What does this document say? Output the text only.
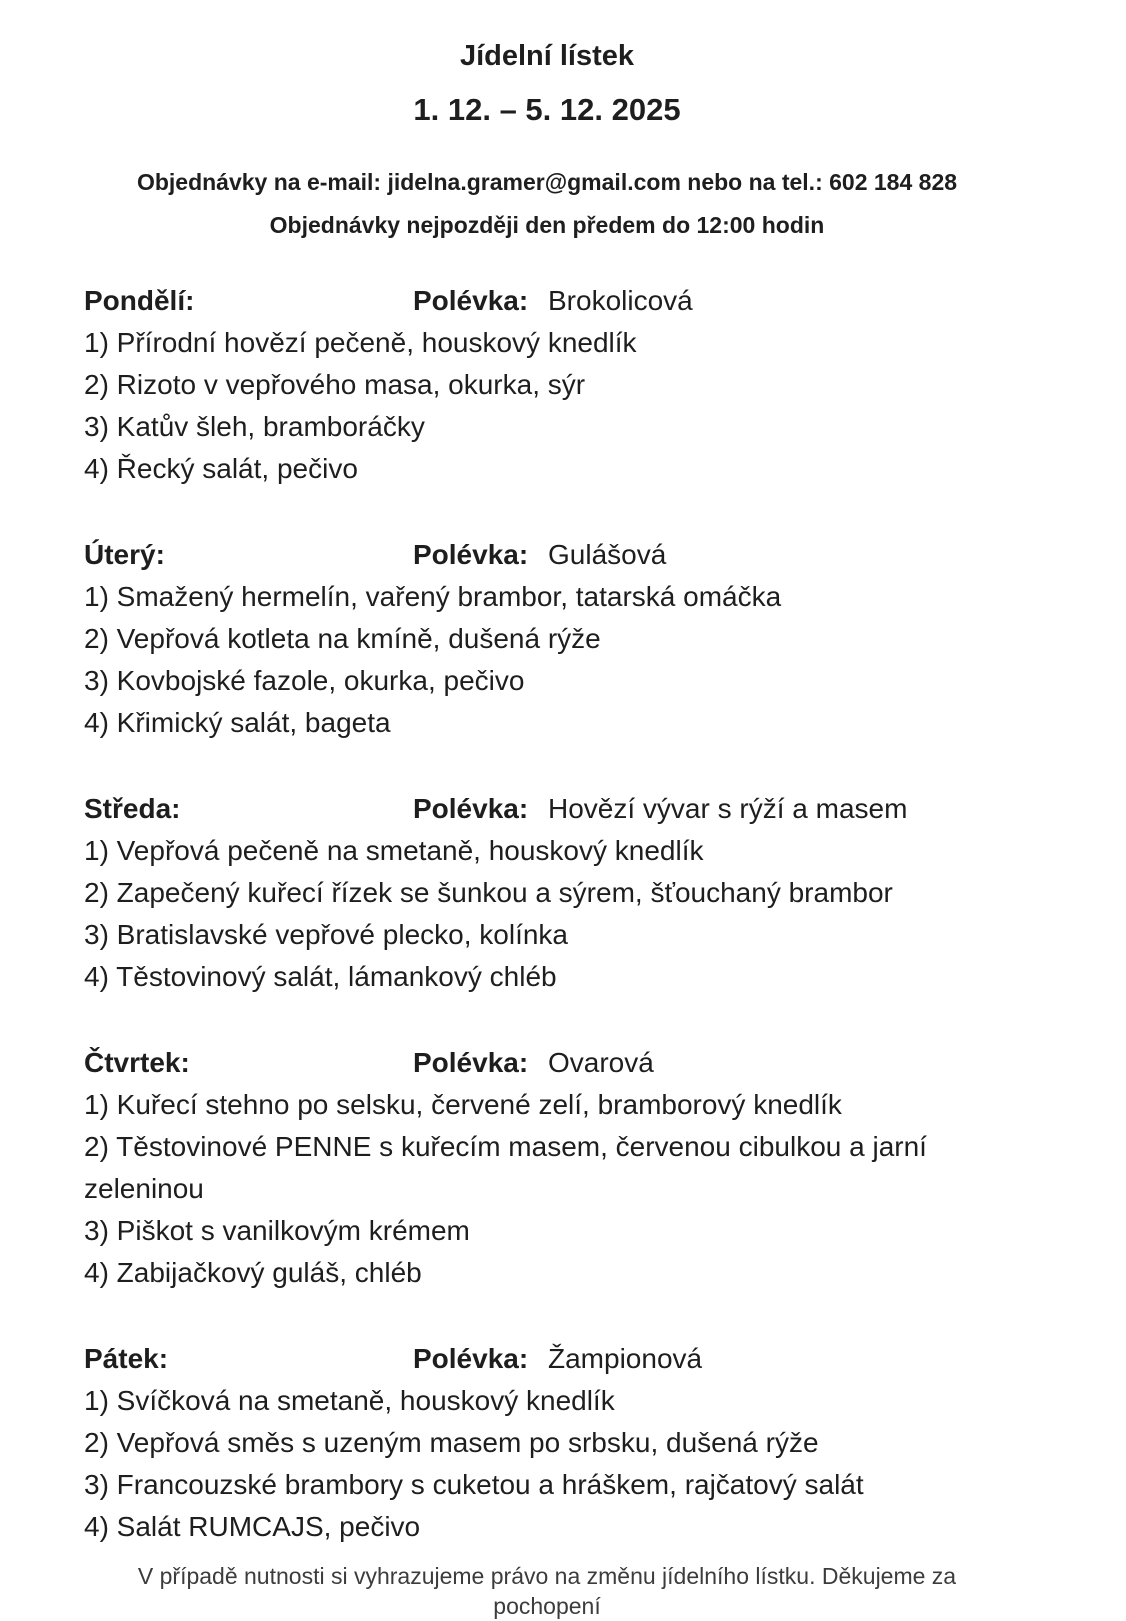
Jídelní lístek
1. 12. – 5. 12. 2025

Objednávky na e-mail: jidelna.gramer@gmail.com nebo na tel.: 602 184 828

Objednávky nejpozději den předem do 12:00 hodin

Pondělí:	Polévka: Brokolicová

1) Přírodní hovězí pečeně, houskový knedlík

2) Rizoto v vepřového masa, okurka, sýr

3) Katův šleh, bramboráčky

4) Řecký salát, pečivo

Úterý:	Polévka: Gulášová

1) Smažený hermelín, vařený brambor, tatarská omáčka

2) Vepřová kotleta na kmíně, dušená rýže

3) Kovbojské fazole, okurka, pečivo

4) Křimický salát, bageta

Středa:	Polévka: Hovězí vývar s rýží a masem

1) Vepřová pečeně na smetaně, houskový knedlík

2) Zapečený kuřecí řízek se šunkou a sýrem, šťouchaný brambor

3) Bratislavské vepřové plecko, kolínka

4) Těstovinový salát, lámankový chléb

Čtvrtek:	Polévka: Ovarová

1) Kuřecí stehno po selsku, červené zelí, bramborový knedlík

2) Těstovinové PENNE s kuřecím masem, červenou cibulkou a jarní zeleninou

3) Piškot s vanilkovým krémem

4) Zabijačkový guláš, chléb

Pátek:	Polévka: Žampionová

1) Svíčková na smetaně, houskový knedlík

2) Vepřová směs s uzeným masem po srbsku, dušená rýže

3) Francouzské brambory s cuketou a hráškem, rajčatový salát

4) Salát RUMCAJS, pečivo

V případě nutnosti si vyhrazujeme právo na změnu jídelního lístku. Děkujeme za pochopení
